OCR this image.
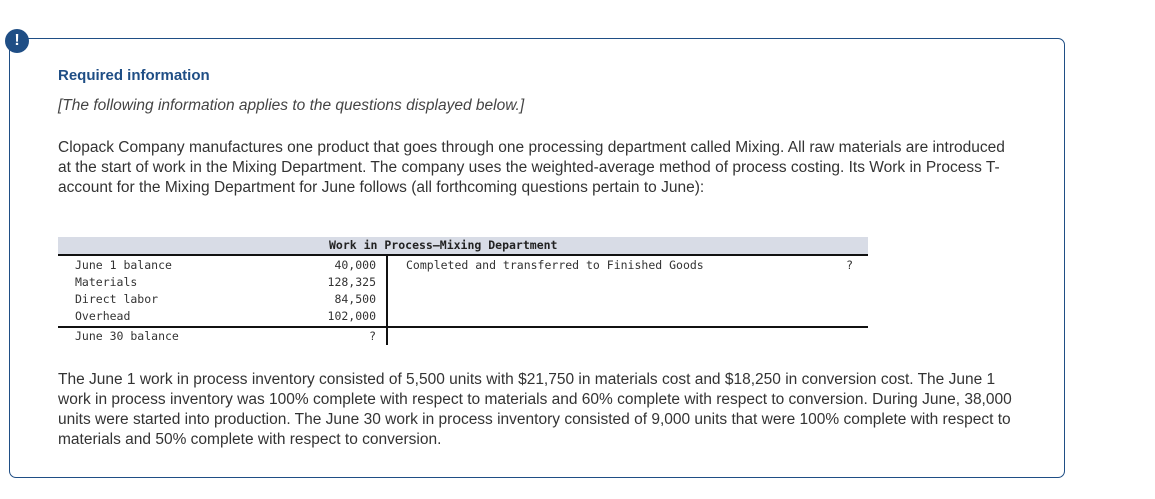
!
Required information

[The following information applies to the questions displayed below.]

Clopack Company manufactures one product that goes through one processing department called Mixing. All raw materials are introduced at the start of work in the Mixing Department. The company uses the weighted-average method of process costing. Its Work in Process T-account for the Mixing Department for June follows (all forthcoming questions pertain to June):

Work in Process—Mixing Department
June 1 balance	40,000
Materials	128,325
Direct labor	84,500
Overhead	102,000
Completed and transferred to Finished Goods	?
June 30 balance	?

The June 1 work in process inventory consisted of 5,500 units with $21,750 in materials cost and $18,250 in conversion cost. The June 1 work in process inventory was 100% complete with respect to materials and 60% complete with respect to conversion. During June, 38,000 units were started into production. The June 30 work in process inventory consisted of 9,000 units that were 100% complete with respect to materials and 50% complete with respect to conversion.
